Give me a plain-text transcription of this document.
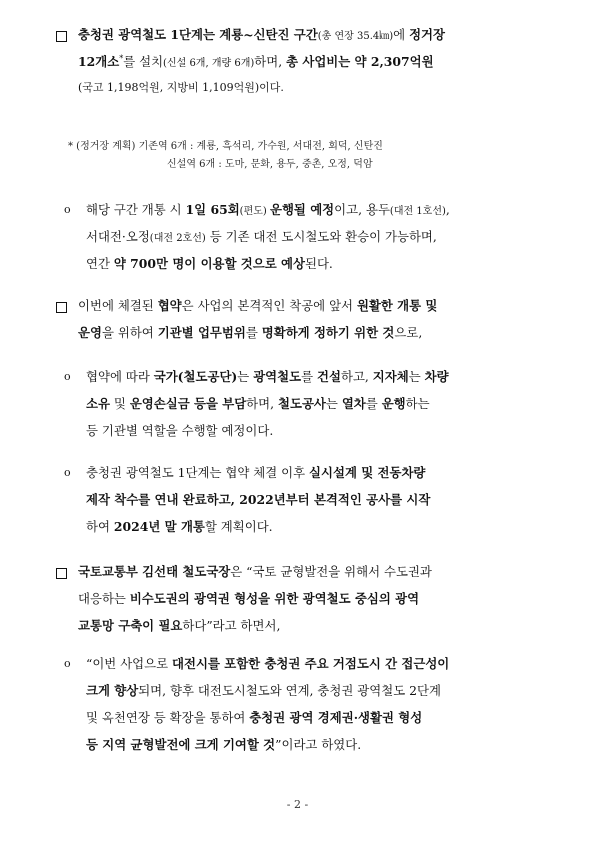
충청권 광역철도 1단계는 계룡~신탄진 구간(총 연장 35.4㎞)에 정거장
12개소*를 설치(신설 6개, 개량 6개)하며, 총 사업비는 약 2,307억원
(국고 1,198억원, 지방비 1,109억원)이다.
* (정거장 계획) 기존역 6개 : 계룡, 흑석리, 가수원, 서대전, 회덕, 신탄진
신설역 6개 : 도마, 문화, 용두, 중촌, 오정, 덕암
o 해당 구간 개통 시 1일 65회(편도) 운행될 예정이고, 용두(대전 1호선),
서대전·오정(대전 2호선) 등 기존 대전 도시철도와 환승이 가능하며,
연간 약 700만 명이 이용할 것으로 예상된다.
이번에 체결된 협약은 사업의 본격적인 착공에 앞서 원활한 개통 및
운영을 위하여 기관별 업무범위를 명확하게 정하기 위한 것으로,
o 협약에 따라 국가(철도공단)는 광역철도를 건설하고, 지자체는 차량
소유 및 운영손실금 등을 부담하며, 철도공사는 열차를 운행하는
등 기관별 역할을 수행할 예정이다.
o 충청권 광역철도 1단계는 협약 체결 이후 실시설계 및 전동차량
제작 착수를 연내 완료하고, 2022년부터 본격적인 공사를 시작
하여 2024년 말 개통할 계획이다.
국토교통부 김선태 철도국장은 “국토 균형발전을 위해서 수도권과
대응하는 비수도권의 광역권 형성을 위한 광역철도 중심의 광역
교통망 구축이 필요하다”라고 하면서,
o “이번 사업으로 대전시를 포함한 충청권 주요 거점도시 간 접근성이
크게 향상되며, 향후 대전도시철도와 연계, 충청권 광역철도 2단계
및 옥천연장 등 확장을 통하여 충청권 광역 경제권·생활권 형성
등 지역 균형발전에 크게 기여할 것”이라고 하였다.
- 2 -
